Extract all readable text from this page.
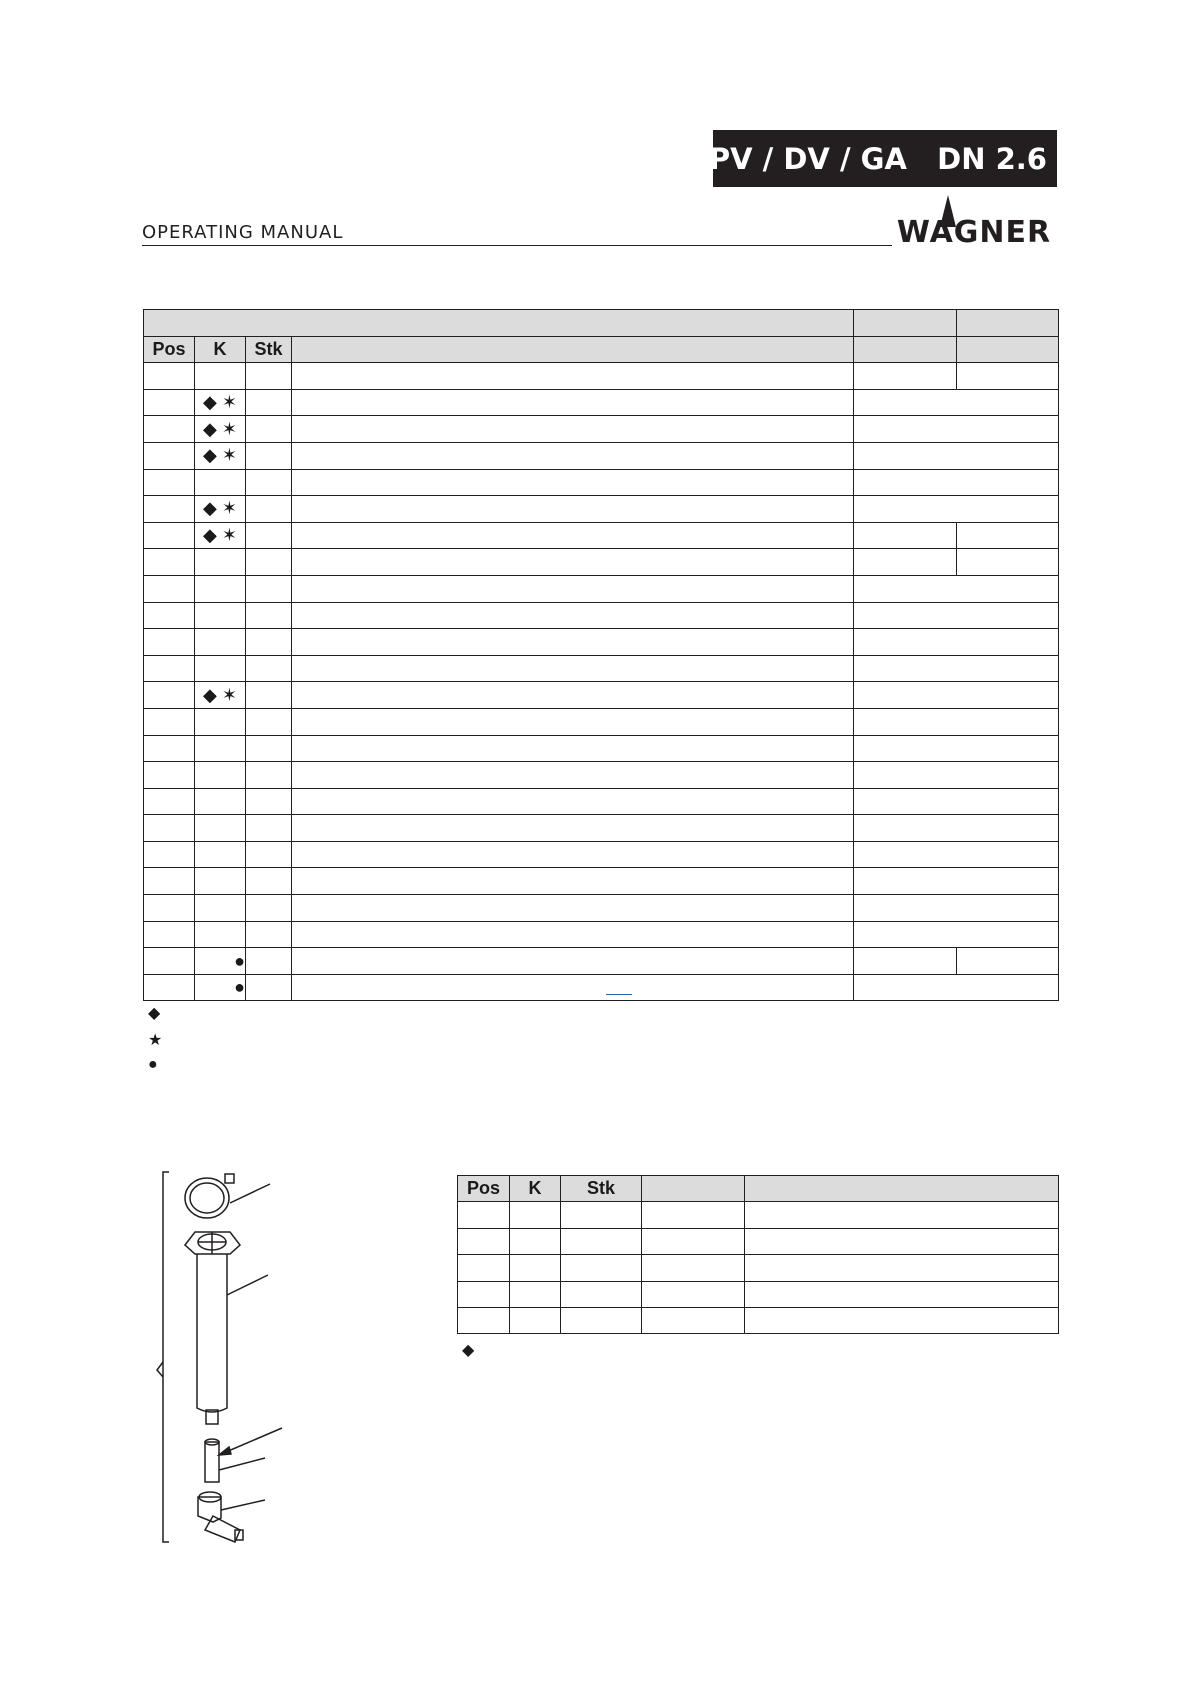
PV / DV / GA   DN 2.6
OPERATING MANUAL	WAGNER

Pos	K	Stk			

	◆ ✶				
	◆ ✶				
	◆ ✶				

	◆ ✶				
	◆ ✶				

	◆ ✶				

	●				
	●				
◆
★
●
Pos	K	Stk		

◆
